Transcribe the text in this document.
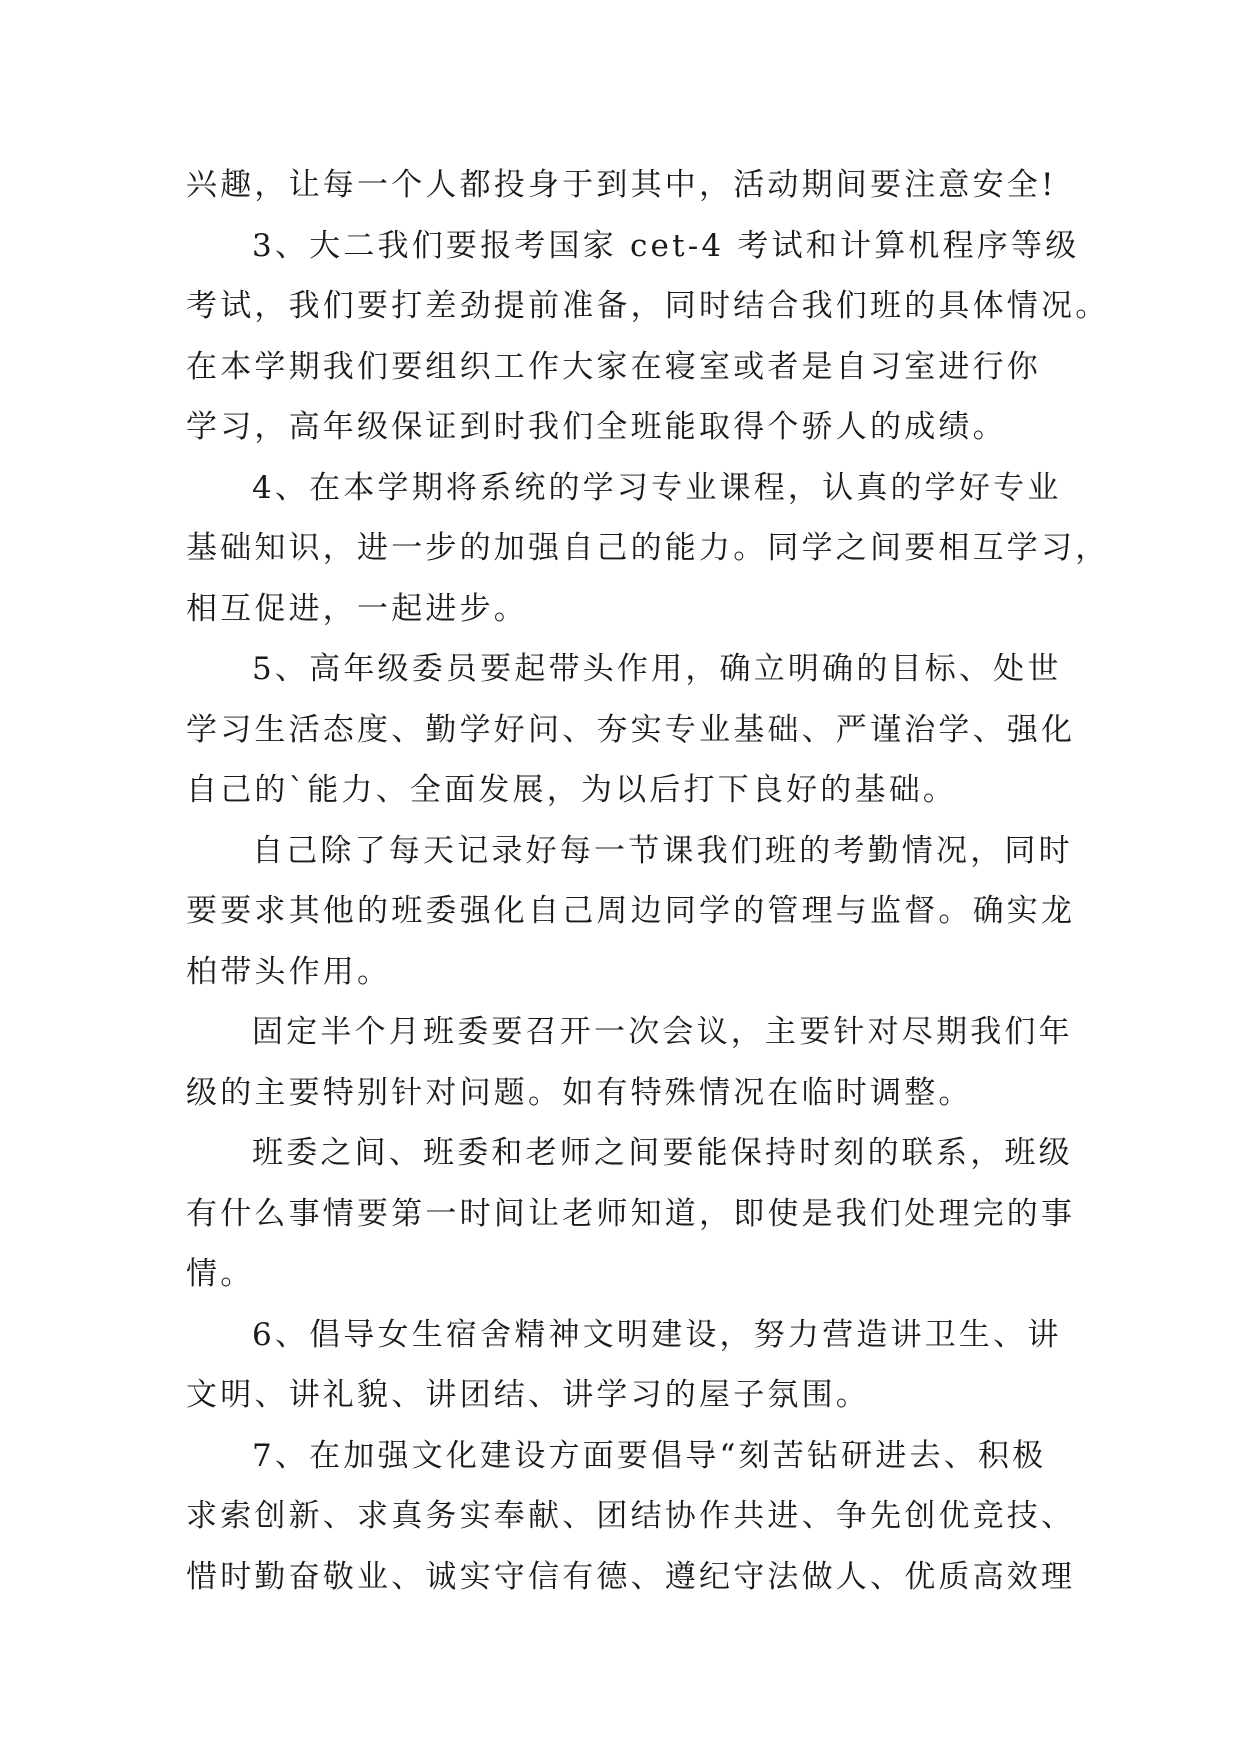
兴趣，让每一个人都投身于到其中，活动期间要注意安全!
3、大二我们要报考国家 cet-4 考试和计算机程序等级
考试，我们要打差劲提前准备，同时结合我们班的具体情况。
在本学期我们要组织工作大家在寝室或者是自习室进行你
学习，高年级保证到时我们全班能取得个骄人的成绩。
4、在本学期将系统的学习专业课程，认真的学好专业
基础知识，进一步的加强自己的能力。同学之间要相互学习，
相互促进，一起进步。
5、高年级委员要起带头作用，确立明确的目标、处世
学习生活态度、勤学好问、夯实专业基础、严谨治学、强化
自己的`能力、全面发展，为以后打下良好的基础。
自己除了每天记录好每一节课我们班的考勤情况，同时
要要求其他的班委强化自己周边同学的管理与监督。确实龙
柏带头作用。
固定半个月班委要召开一次会议，主要针对尽期我们年
级的主要特别针对问题。如有特殊情况在临时调整。
班委之间、班委和老师之间要能保持时刻的联系，班级
有什么事情要第一时间让老师知道，即使是我们处理完的事
情。
6、倡导女生宿舍精神文明建设，努力营造讲卫生、讲
文明、讲礼貌、讲团结、讲学习的屋子氛围。
7、在加强文化建设方面要倡导“刻苦钻研进去、积极
求索创新、求真务实奉献、团结协作共进、争先创优竞技、
惜时勤奋敬业、诚实守信有德、遵纪守法做人、优质高效理
